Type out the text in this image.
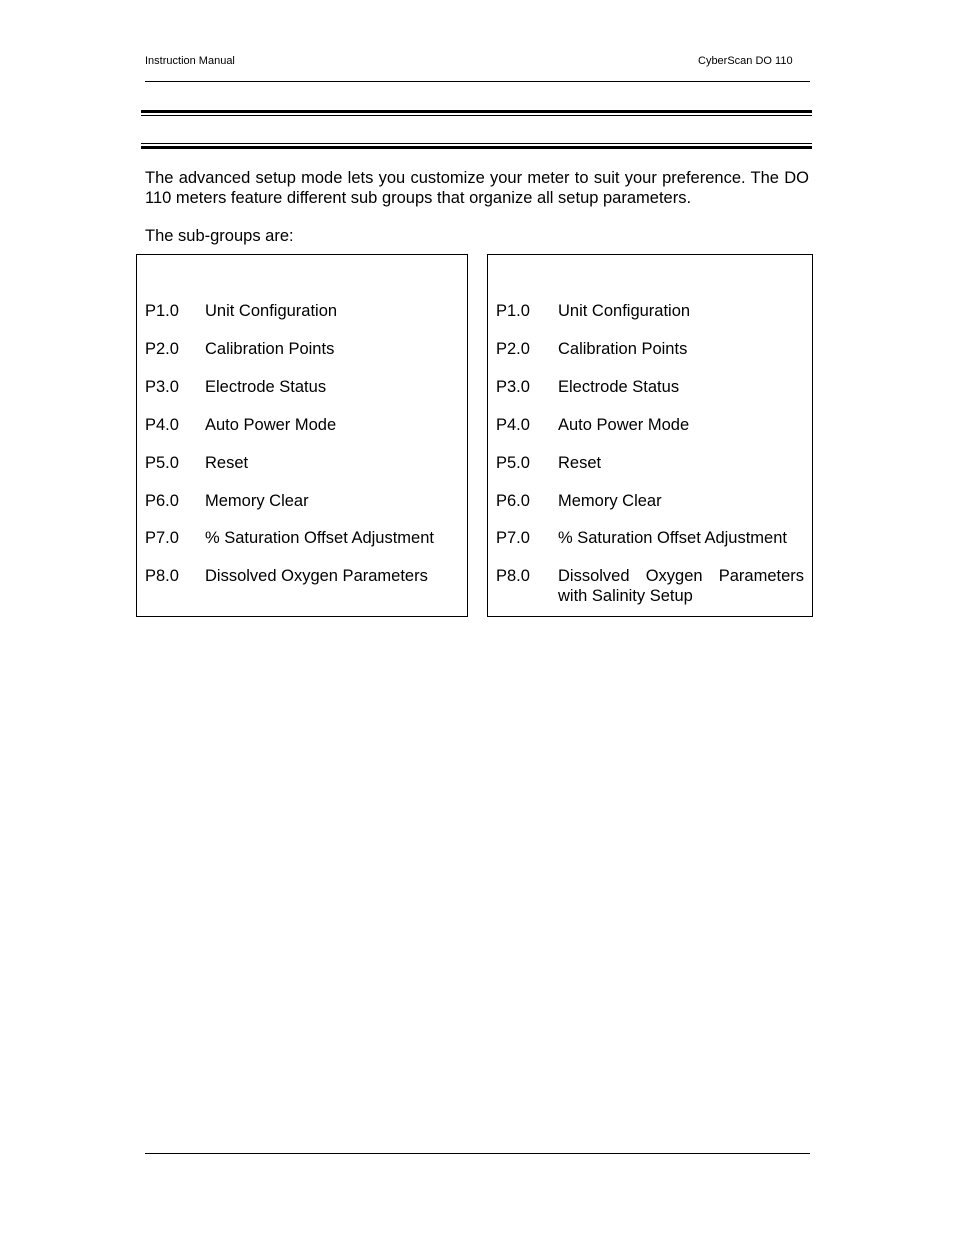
Instruction Manual	CyberScan DO 110

The advanced setup mode lets you customize your meter to suit your preference. The DO 110 meters feature different sub groups that organize all setup parameters.

The sub-groups are:

P1.0 Unit Configuration
P2.0 Calibration Points
P3.0 Electrode Status
P4.0 Auto Power Mode
P5.0 Reset
P6.0 Memory Clear
P7.0 % Saturation Offset Adjustment
P8.0 Dissolved Oxygen Parameters
P1.0 Unit Configuration
P2.0 Calibration Points
P3.0 Electrode Status
P4.0 Auto Power Mode
P5.0 Reset
P6.0 Memory Clear
P7.0 % Saturation Offset Adjustment
P8.0 Dissolved Oxygen Parameters with Salinity Setup
